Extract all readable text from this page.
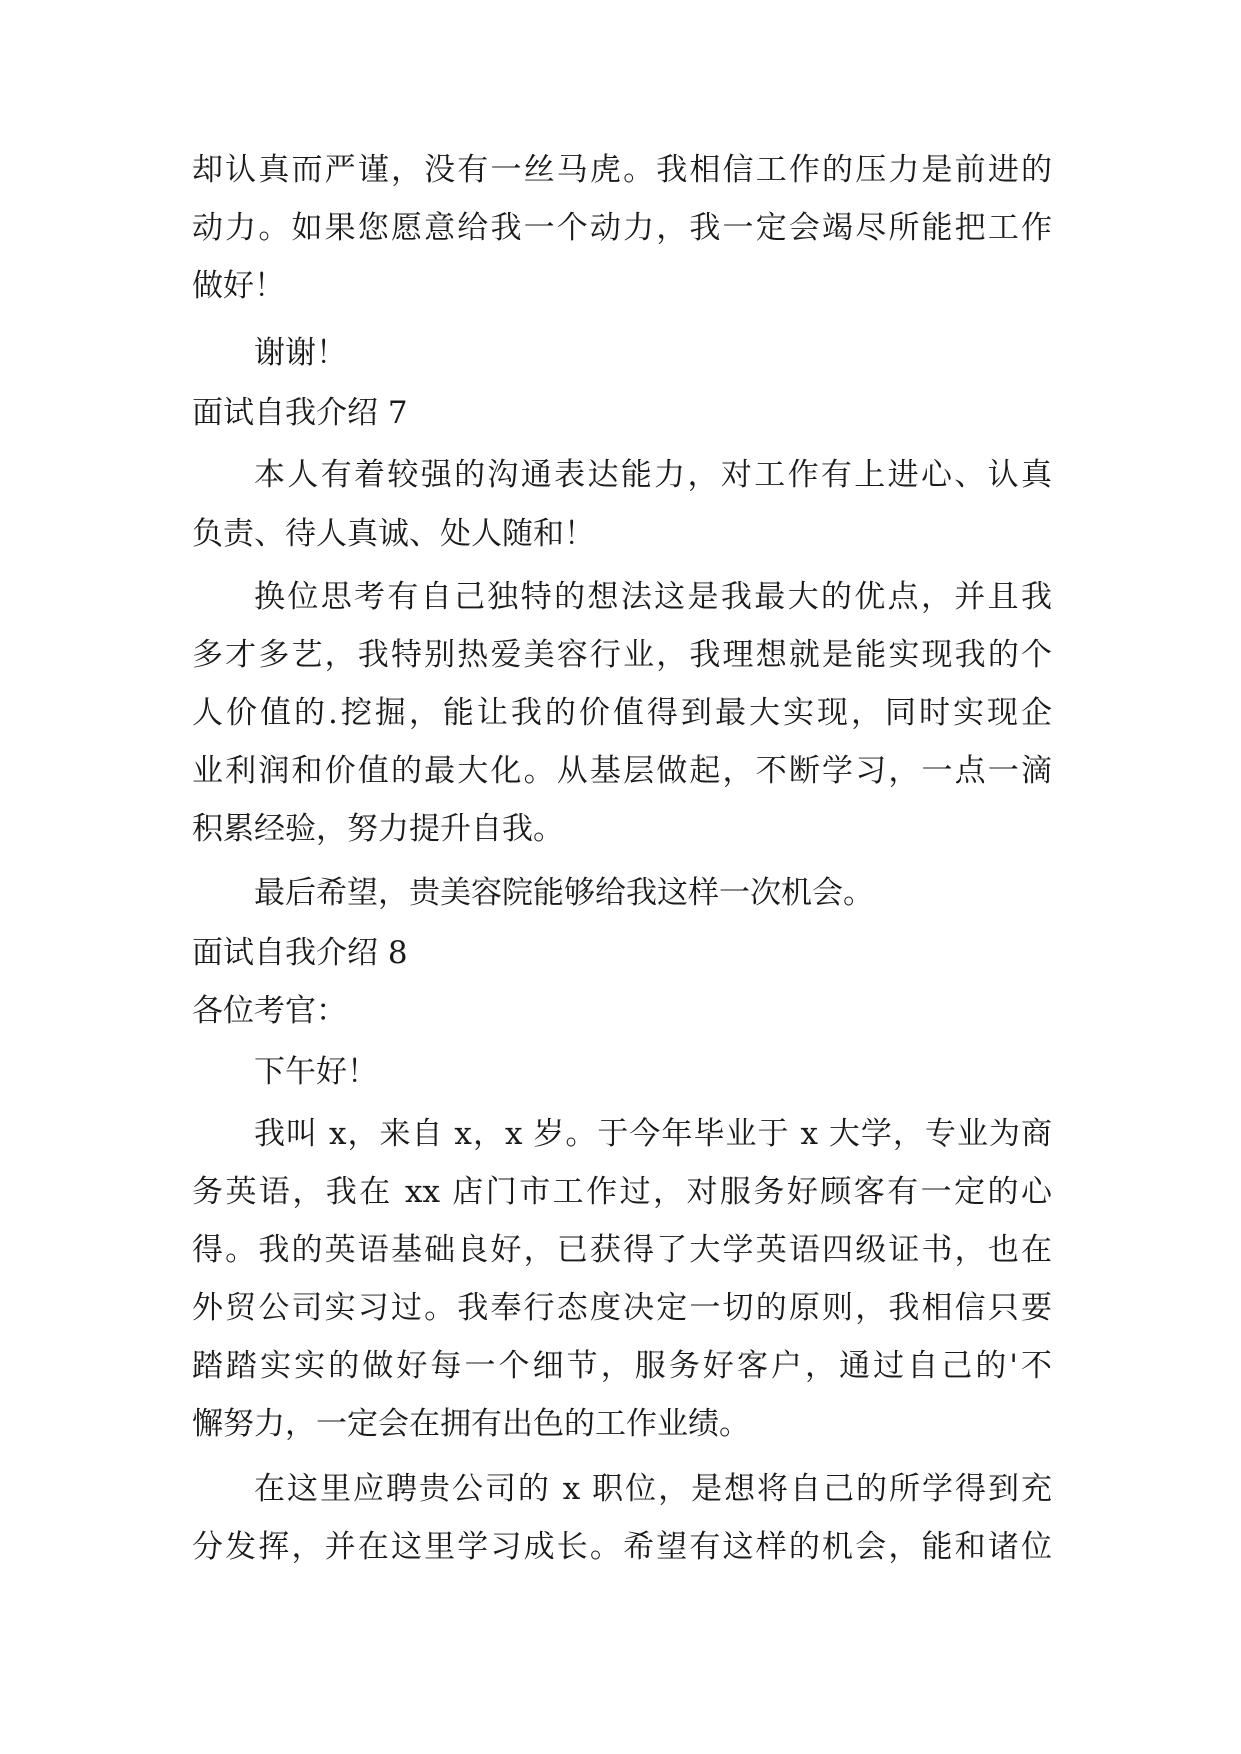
却认真而严谨，没有一丝马虎。我相信工作的压力是前进的
动力。如果您愿意给我一个动力，我一定会竭尽所能把工作
做好！
谢谢！
面试自我介绍 7
本人有着较强的沟通表达能力，对工作有上进心、认真
负责、待人真诚、处人随和！
换位思考有自己独特的想法这是我最大的优点，并且我
多才多艺，我特别热爱美容行业，我理想就是能实现我的个
人价值的.挖掘，能让我的价值得到最大实现，同时实现企
业利润和价值的最大化。从基层做起，不断学习，一点一滴
积累经验，努力提升自我。
最后希望，贵美容院能够给我这样一次机会。
面试自我介绍 8
各位考官：
下午好！
我叫 x，来自 x，x 岁。于今年毕业于 x 大学，专业为商
务英语，我在 xx 店门市工作过，对服务好顾客有一定的心
得。我的英语基础良好，已获得了大学英语四级证书，也在
外贸公司实习过。我奉行态度决定一切的原则，我相信只要
踏踏实实的做好每一个细节，服务好客户，通过自己的'不
懈努力，一定会在拥有出色的工作业绩。
在这里应聘贵公司的 x 职位，是想将自己的所学得到充
分发挥，并在这里学习成长。希望有这样的机会，能和诸位
